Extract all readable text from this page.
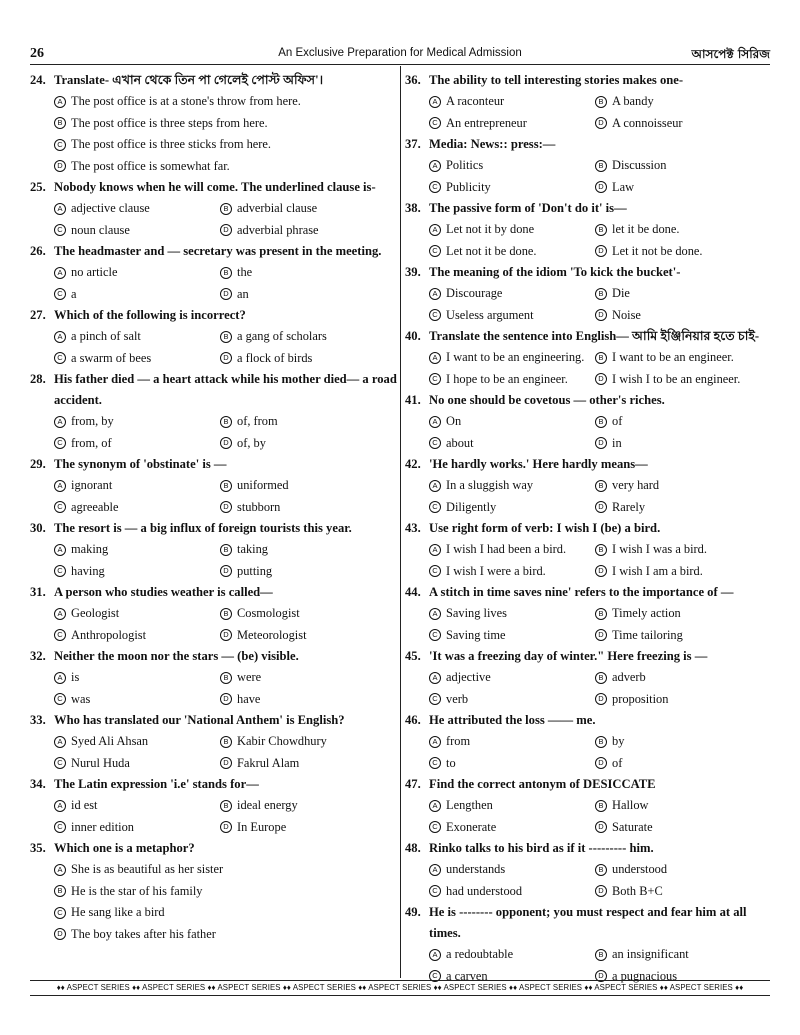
26	An Exclusive Preparation for Medical Admission	আসপেক্ট সিরিজ
24. Translate- এখান থেকে তিন পা গেলেই পোস্ট অফিস'।
A The post office is at a stone's throw from here.
B The post office is three steps from here.
C The post office is three sticks from here.
D The post office is somewhat far.
25. Nobody knows when he will come. The underlined clause is-
A adjective clause	B adverbial clause
C noun clause	D adverbial phrase
26. The headmaster and — secretary was present in the meeting.
A no article	B the
C a	D an
27. Which of the following is incorrect?
A a pinch of salt	B a gang of scholars
C a swarm of bees	D a flock of birds
28. His father died — a heart attack while his mother died— a road accident.
A from, by	B of, from
C from, of	D of, by
29. The synonym of 'obstinate' is —
A ignorant	B uniformed
C agreeable	D stubborn
30. The resort is — a big influx of foreign tourists this year.
A making	B taking
C having	D putting
31. A person who studies weather is called—
A Geologist	B Cosmologist
C Anthropologist	D Meteorologist
32. Neither the moon nor the stars — (be) visible.
A is	B were
C was	D have
33. Who has translated our 'National Anthem' is English?
A Syed Ali Ahsan	B Kabir Chowdhury
C Nurul Huda	D Fakrul Alam
34. The Latin expression 'i.e' stands for—
A id est	B ideal energy
C inner edition	D In Europe
35. Which one is a metaphor?
A She is as beautiful as her sister
B He is the star of his family
C He sang like a bird
D The boy takes after his father
36. The ability to tell interesting stories makes one-
A A raconteur	B A bandy
C An entrepreneur	D A connoisseur
37. Media: News:: press:—
A Politics	B Discussion
C Publicity	D Law
38. The passive form of 'Don't do it' is—
A Let not it by done	B let it be done.
C Let not it be done.	D Let it not be done.
39. The meaning of the idiom 'To kick the bucket'-
A Discourage	B Die
C Useless argument	D Noise
40. Translate the sentence into English— আমি ইঞ্জিনিয়ার হতে চাই-
A I want to be an engineering.	B I want to be an engineer.
C I hope to be an engineer.	D I wish I to be an engineer.
41. No one should be covetous — other's riches.
A On	B of
C about	D in
42. 'He hardly works.' Here hardly means—
A In a sluggish way	B very hard
C Diligently	D Rarely
43. Use right form of verb: I wish I (be) a bird.
A I wish I had been a bird.	B I wish I was a bird.
C I wish I were a bird.	D I wish I am a bird.
44. A stitch in time saves nine' refers to the importance of —
A Saving lives	B Timely action
C Saving time	D Time tailoring
45. 'It was a freezing day of winter." Here freezing is —
A adjective	B adverb
C verb	D proposition
46. He attributed the loss —— me.
A from	B by
C to	D of
47. Find the correct antonym of DESICCATE
A Lengthen	B Hallow
C Exonerate	D Saturate
48. Rinko talks to his bird as if it --------- him.
A understands	B understood
C had understood	D Both B+C
49. He is -------- opponent; you must respect and fear him at all times.
A a redoubtable	B an insignificant
C a carven	D a pugnacious
♦♦ ASPECT SERIES ♦♦ ASPECT SERIES ♦♦ ASPECT SERIES ♦♦ ASPECT SERIES ♦♦ ASPECT SERIES ♦♦ ASPECT SERIES ♦♦ ASPECT SERIES ♦♦ ASPECT SERIES ♦♦ ASPECT SERIES ♦♦
